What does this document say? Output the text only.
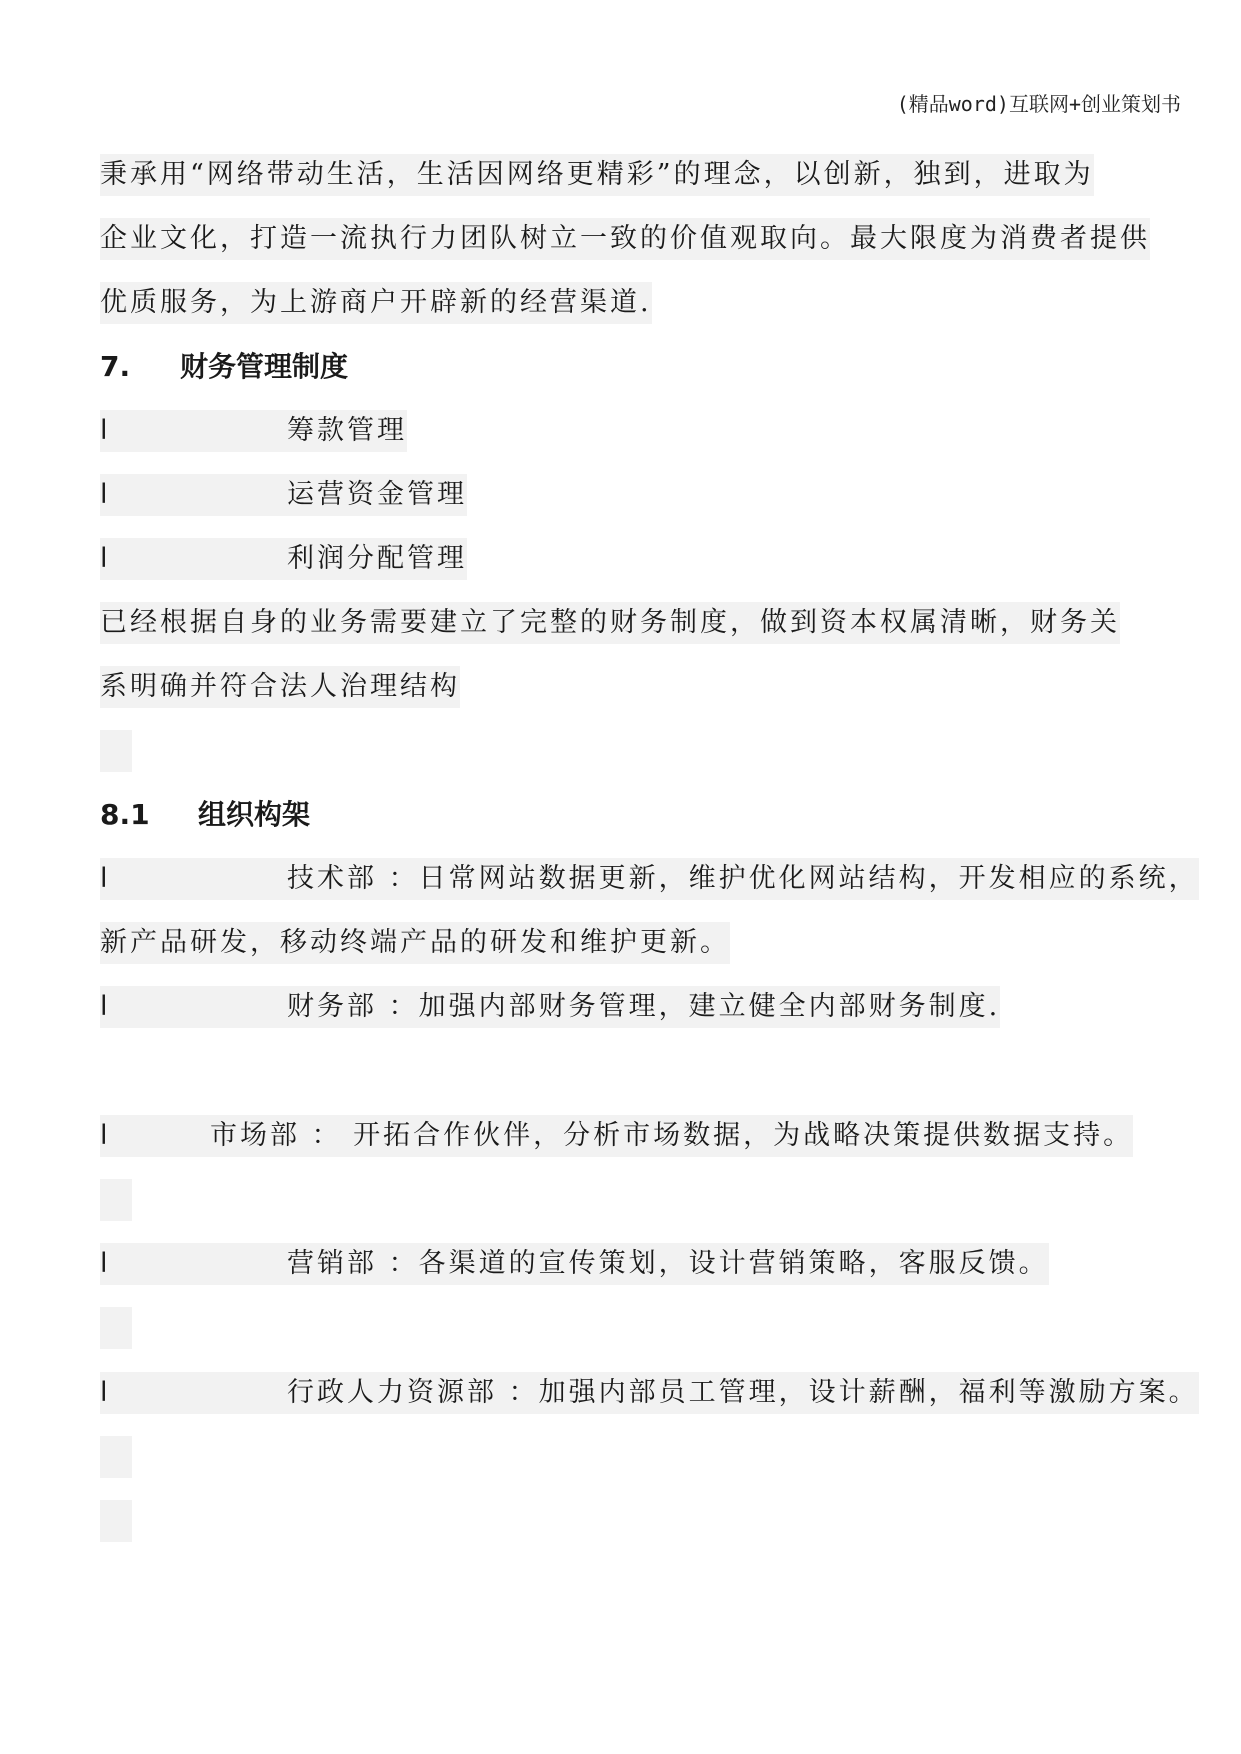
(精品word)互联网+创业策划书
秉承用“网络带动生活，生活因网络更精彩”的理念，以创新，独到，进取为
企业文化，打造一流执行力团队树立一致的价值观取向。最大限度为消费者提供
优质服务，为上游商户开辟新的经营渠道.
7. 财务管理制度
l	筹款管理
l	运营资金管理
l	利润分配管理
已经根据自身的业务需要建立了完整的财务制度，做到资本权属清晰，财务关
系明确并符合法人治理结构
8.1 组织构架
l	技术部 ：日常网站数据更新，维护优化网站结构，开发相应的系统，
新产品研发，移动终端产品的研发和维护更新。
l	财务部 ：加强内部财务管理，建立健全内部财务制度.
l	市场部 ： 开拓合作伙伴，分析市场数据，为战略决策提供数据支持。
l	营销部 ：各渠道的宣传策划，设计营销策略，客服反馈。
l	行政人力资源部 ：加强内部员工管理，设计薪酬，福利等激励方案。
